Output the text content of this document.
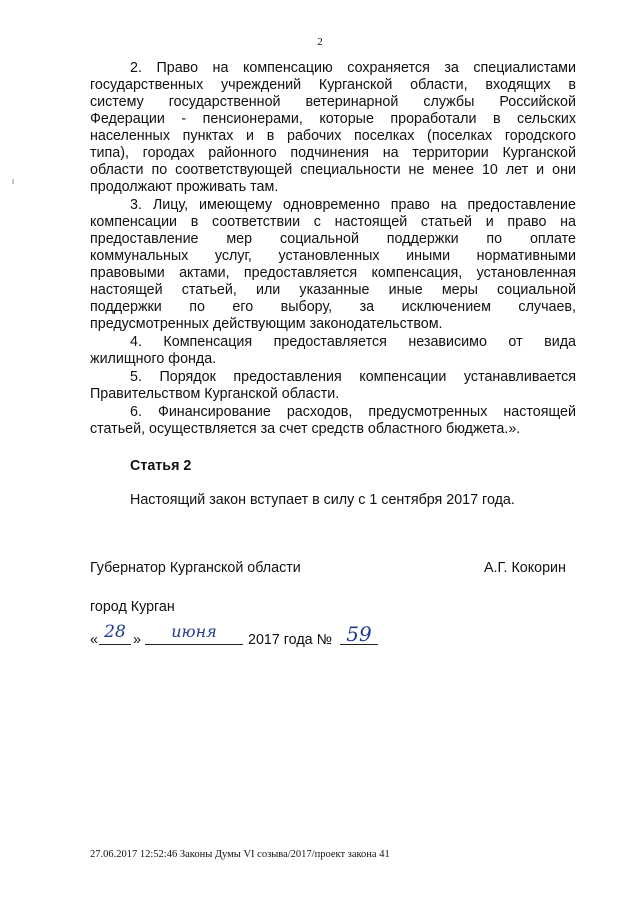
2
ι
2. Право на компенсацию сохраняется за специалистами
государственных учреждений Курганской области, входящих в
систему государственной ветеринарной службы Российской
Федерации - пенсионерами, которые проработали в сельских
населенных пунктах и в рабочих поселках (поселках городского
типа), городах районного подчинения на территории Курганской
области по соответствующей специальности не менее 10 лет и они
продолжают проживать там.
3. Лицу, имеющему одновременно право на предоставление
компенсации в соответствии с настоящей статьей и право на
предоставление мер социальной поддержки по оплате
коммунальных услуг, установленных иными нормативными
правовыми актами, предоставляется компенсация, установленная
настоящей статьей, или указанные иные меры социальной
поддержки по его выбору, за исключением случаев,
предусмотренных действующим законодательством.
4. Компенсация предоставляется независимо от вида
жилищного фонда.
5. Порядок предоставления компенсации устанавливается
Правительством Курганской области.
6. Финансирование расходов, предусмотренных настоящей
статьей, осуществляется за счет средств областного бюджета.».
Статья 2
Настоящий закон вступает в силу с 1 сентября 2017 года.
Губернатор Курганской области	А.Г. Кокорин
город Курган
« 28 »	июня	2017 года № 59
27.06.2017 12:52:46 Законы Думы VI созыва/2017/проект закона 41
